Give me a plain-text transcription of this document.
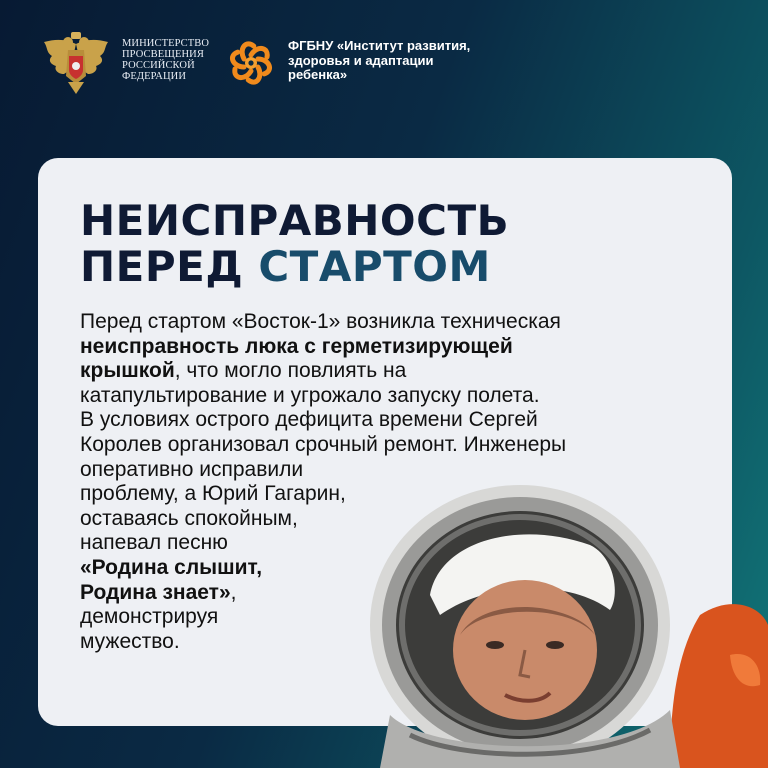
МИНИСТЕРСТВО
ПРОСВЕЩЕНИЯ
РОССИЙСКОЙ
ФЕДЕРАЦИИ
ФГБНУ «Институт развития,
здоровья и адаптации
ребенка»
НЕИСПРАВНОСТЬ
ПЕРЕД СТАРТОМ
Перед стартом «Восток-1» возникла техническая
неисправность люка с герметизирующей
крышкой, что могло повлиять на
катапультирование и угрожало запуску полета.
В условиях острого дефицита времени Сергей
Королев организовал срочный ремонт. Инженеры
оперативно исправили
проблему, а Юрий Гагарин,
оставаясь спокойным,
напевал песню
«Родина слышит,
Родина знает»,
демонстрируя
мужество.
